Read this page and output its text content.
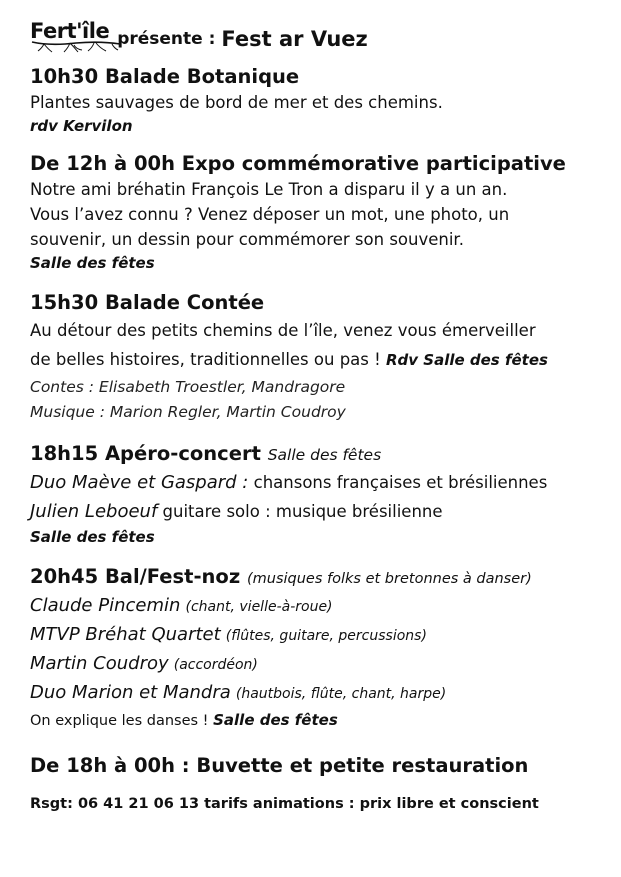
Fert'île présente : Fest ar Vuez
10h30 Balade Botanique
Plantes sauvages de bord de mer et des chemins.
rdv Kervilon
De 12h à 00h Expo commémorative participative
Notre ami bréhatin François Le Tron a disparu il y a un an.
Vous l’avez connu ? Venez déposer un mot, une photo, un
souvenir, un dessin pour commémorer son souvenir.
Salle des fêtes
15h30 Balade Contée
Au détour des petits chemins de l’île, venez vous émerveiller
de belles histoires, traditionnelles ou pas ! Rdv Salle des fêtes
Contes : Elisabeth Troestler, Mandragore
Musique : Marion Regler, Martin Coudroy
18h15 Apéro-concert Salle des fêtes
Duo Maève et Gaspard : chansons françaises et brésiliennes
Julien Leboeuf guitare solo : musique brésilienne
Salle des fêtes
20h45 Bal/Fest-noz (musiques folks et bretonnes à danser)
Claude Pincemin (chant, vielle-à-roue)
MTVP Bréhat Quartet (flûtes, guitare, percussions)
Martin Coudroy (accordéon)
Duo Marion et Mandra (hautbois, flûte, chant, harpe)
On explique les danses ! Salle des fêtes
De 18h à 00h : Buvette et petite restauration
Rsgt: 06 41 21 06 13 tarifs animations : prix libre et conscient
